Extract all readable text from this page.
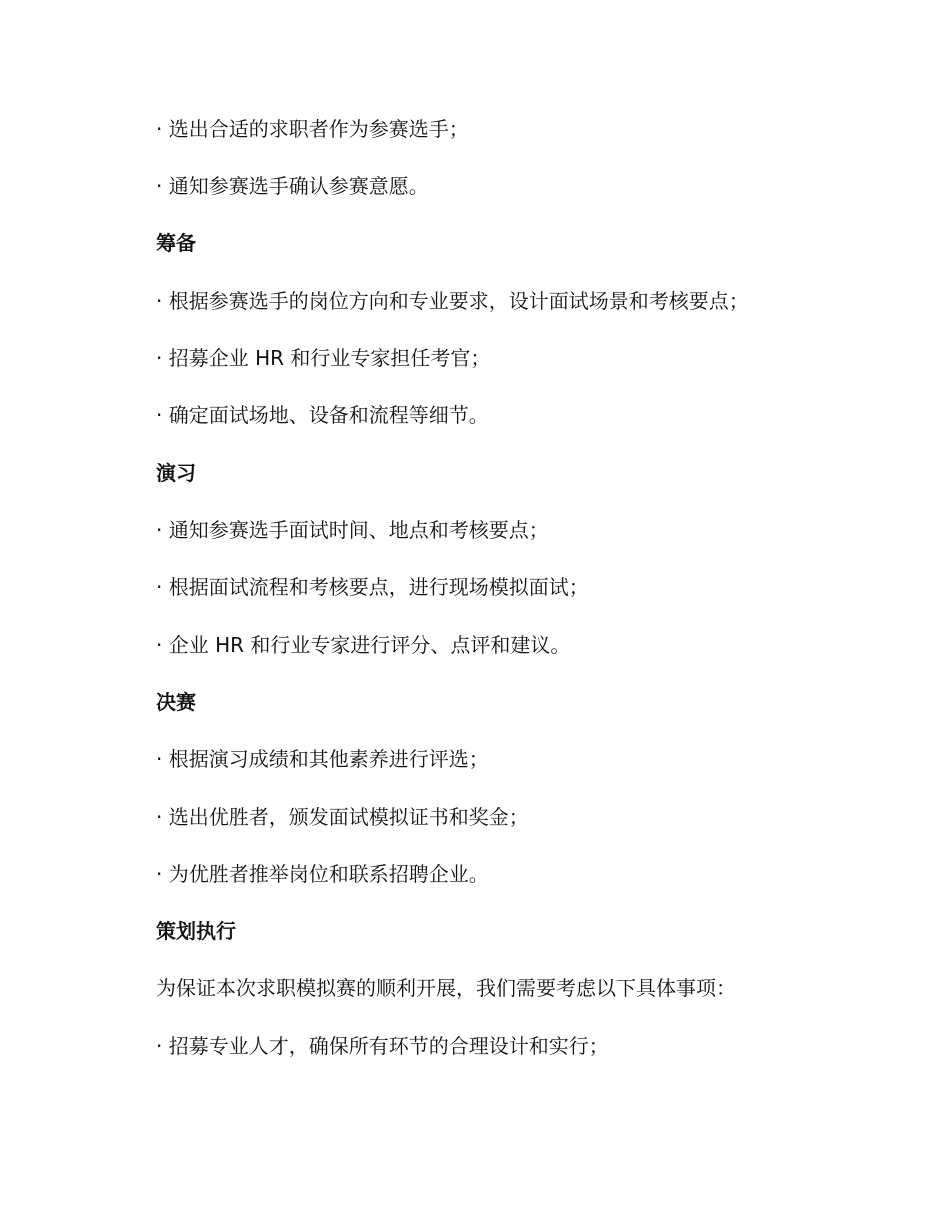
· 选出合适的求职者作为参赛选手；
· 通知参赛选手确认参赛意愿。
筹备
· 根据参赛选手的岗位方向和专业要求，设计面试场景和考核要点；
· 招募企业 HR 和行业专家担任考官；
· 确定面试场地、设备和流程等细节。
演习
· 通知参赛选手面试时间、地点和考核要点；
· 根据面试流程和考核要点，进行现场模拟面试；
· 企业 HR 和行业专家进行评分、点评和建议。
决赛
· 根据演习成绩和其他素养进行评选；
· 选出优胜者，颁发面试模拟证书和奖金；
· 为优胜者推举岗位和联系招聘企业。
策划执行
为保证本次求职模拟赛的顺利开展，我们需要考虑以下具体事项：
· 招募专业人才，确保所有环节的合理设计和实行；
